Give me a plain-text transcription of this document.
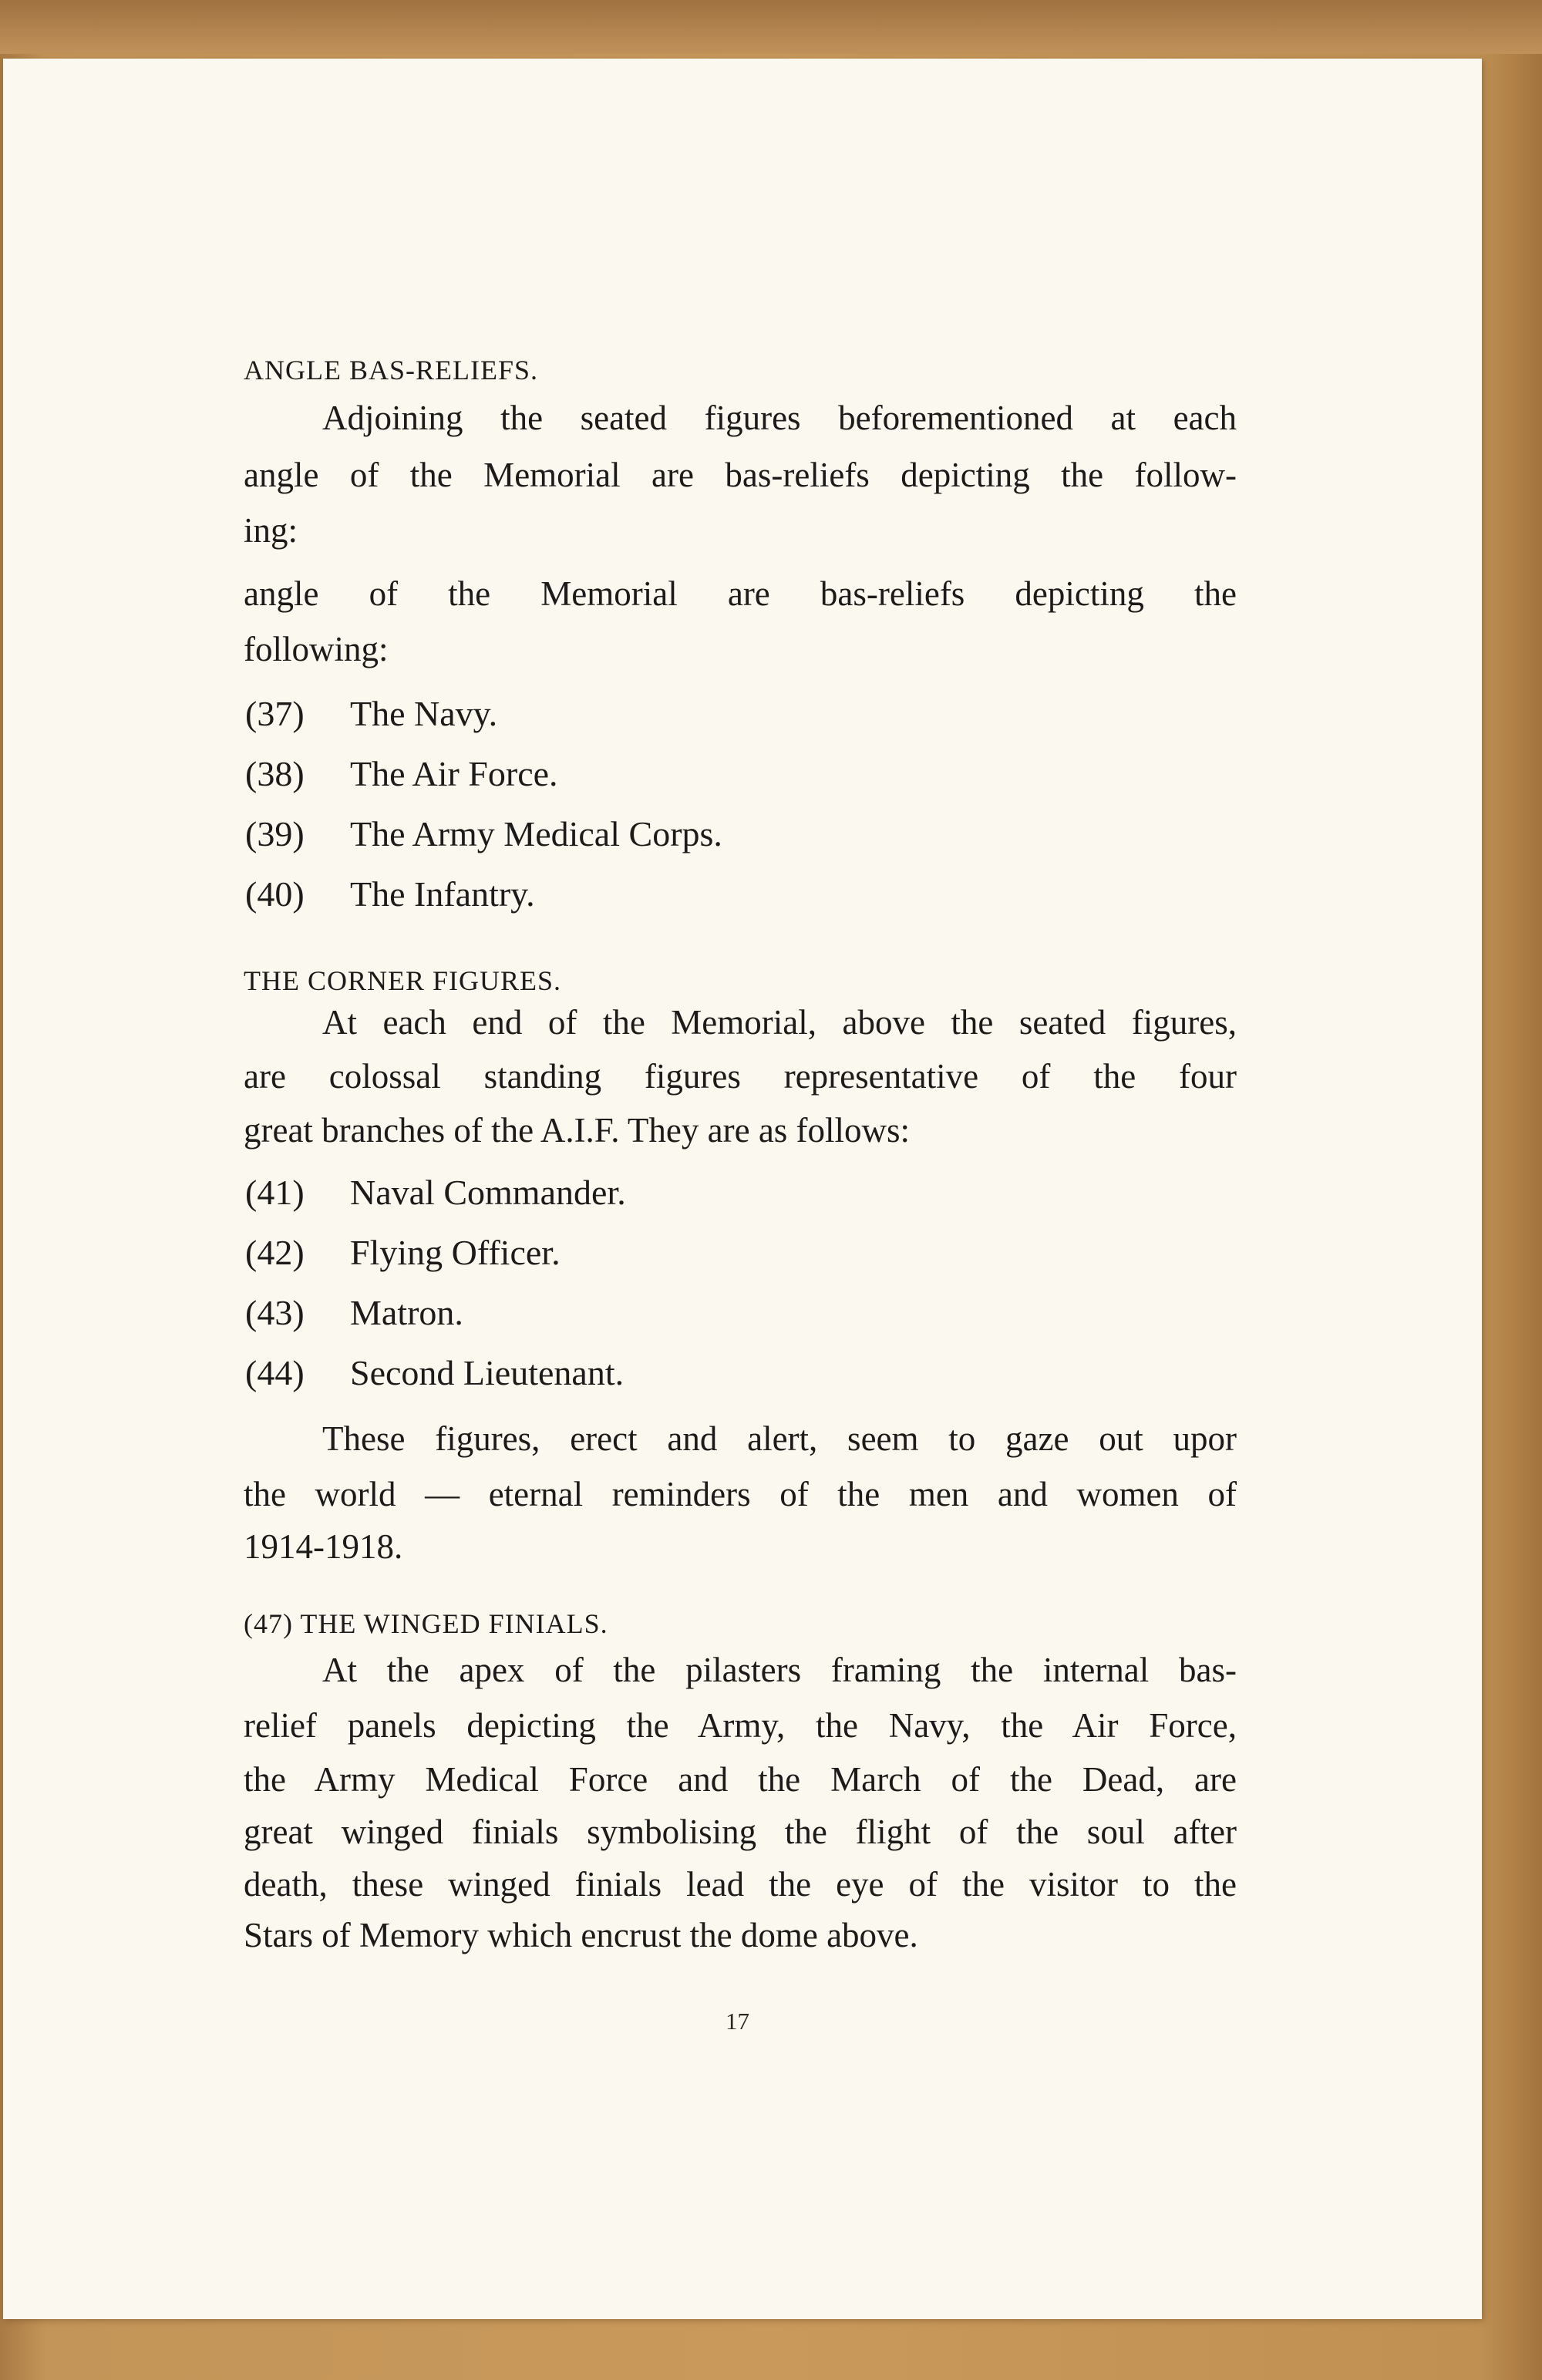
ANGLE BAS-RELIEFS.
Adjoining the seated figures beforementioned at each
angle of the Memorial are bas-reliefs depicting the follow-
ing:
angle of the Memorial are bas-reliefs depicting the
following:
(37) The Navy.
(38) The Air Force.
(39) The Army Medical Corps.
(40) The Infantry.
THE CORNER FIGURES.
At each end of the Memorial, above the seated figures,
are colossal standing figures representative of the four
great branches of the A.I.F. They are as follows:
(41) Naval Commander.
(42) Flying Officer.
(43) Matron.
(44) Second Lieutenant.
These figures, erect and alert, seem to gaze out upor
the world — eternal reminders of the men and women of
1914-1918.
(47) THE WINGED FINIALS.
At the apex of the pilasters framing the internal bas-
relief panels depicting the Army, the Navy, the Air Force,
the Army Medical Force and the March of the Dead, are
great winged finials symbolising the flight of the soul after
death, these winged finials lead the eye of the visitor to the
Stars of Memory which encrust the dome above.
17
